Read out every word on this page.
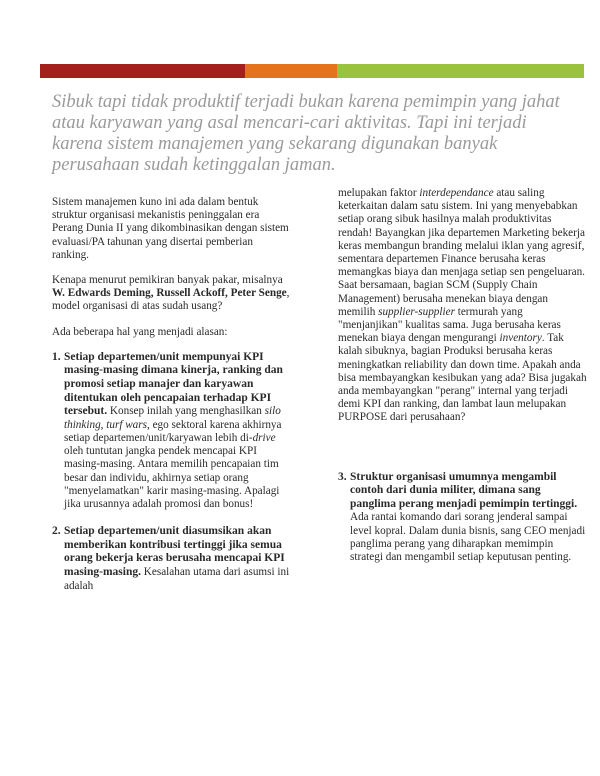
Sibuk tapi tidak produktif terjadi bukan karena pemimpin yang jahat atau karyawan yang asal mencari-cari aktivitas. Tapi ini terjadi karena sistem manajemen yang sekarang digunakan banyak perusahaan sudah ketinggalan jaman.

Sistem manajemen kuno ini ada dalam bentuk struktur organisasi mekanistis peninggalan era Perang Dunia II yang dikombinasikan dengan sistem evaluasi/PA tahunan yang disertai pemberian ranking.

Kenapa menurut pemikiran banyak pakar, misalnya W. Edwards Deming, Russell Ackoff, Peter Senge, model organisasi di atas sudah usang?

Ada beberapa hal yang menjadi alasan:

1. Setiap departemen/unit mempunyai KPI masing-masing dimana kinerja, ranking dan promosi setiap manajer dan karyawan ditentukan oleh pencapaian terhadap KPI tersebut. Konsep inilah yang menghasilkan silo thinking, turf wars, ego sektoral karena akhirnya setiap departemen/unit/karyawan lebih di-drive oleh tuntutan jangka pendek mencapai KPI masing-masing. Antara memilih pencapaian tim besar dan individu, akhirnya setiap orang "menyelamatkan" karir masing-masing. Apalagi jika urusannya adalah promosi dan bonus!
2. Setiap departemen/unit diasumsikan akan memberikan kontribusi tertinggi jika semua orang bekerja keras berusaha mencapai KPI masing-masing. Kesalahan utama dari asumsi ini adalah

melupakan faktor interdependance atau saling keterkaitan dalam satu sistem. Ini yang menyebabkan setiap orang sibuk hasilnya malah produktivitas rendah! Bayangkan jika departemen Marketing bekerja keras membangun branding melalui iklan yang agresif, sementara departemen Finance berusaha keras memangkas biaya dan menjaga setiap sen pengeluaran. Saat bersamaan, bagian SCM (Supply Chain Management) berusaha menekan biaya dengan memilih supplier-supplier termurah yang "menjanjikan" kualitas sama. Juga berusaha keras menekan biaya dengan mengurangi inventory. Tak kalah sibuknya, bagian Produksi berusaha keras meningkatkan reliability dan down time. Apakah anda bisa membayangkan kesibukan yang ada? Bisa jugakah anda membayangkan "perang" internal yang terjadi demi KPI dan ranking, dan lambat laun melupakan PURPOSE dari perusahaan?

3. Struktur organisasi umumnya mengambil contoh dari dunia militer, dimana sang panglima perang menjadi pemimpin tertinggi. Ada rantai komando dari sorang jenderal sampai level kopral. Dalam dunia bisnis, sang CEO menjadi panglima perang yang diharapkan memimpin strategi dan mengambil setiap keputusan penting.
